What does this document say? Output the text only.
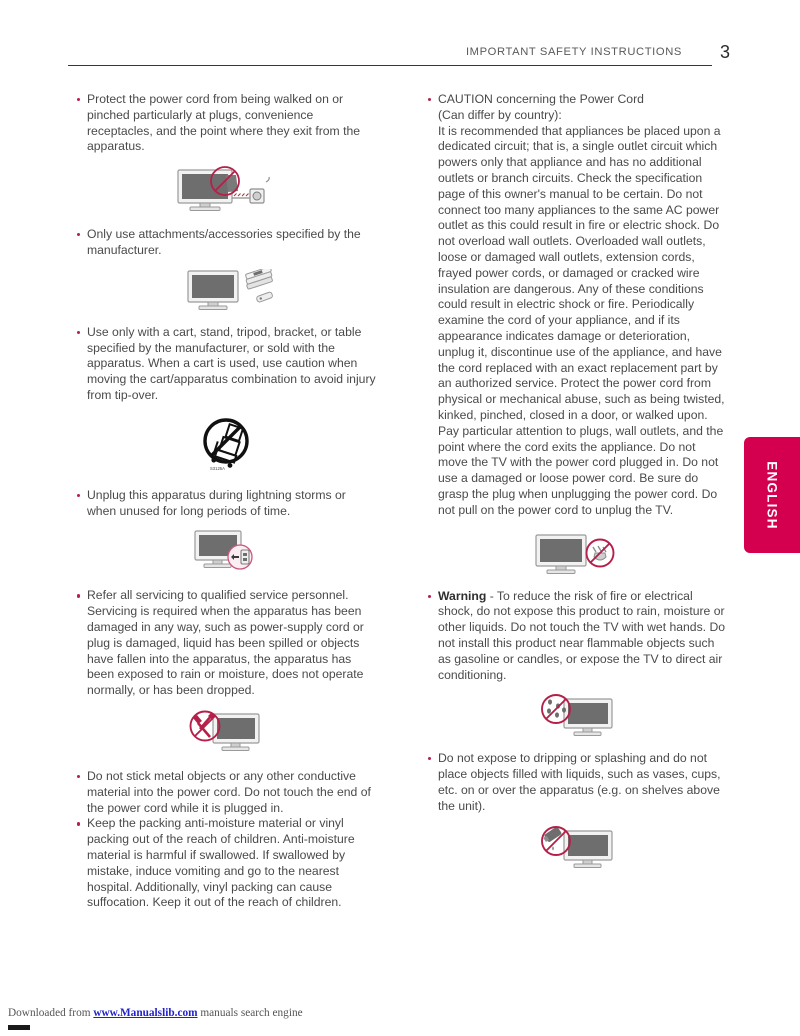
IMPORTANT SAFETY INSTRUCTIONS 3
Protect the power cord from being walked on or pinched particularly at plugs, convenience receptacles, and the point where they exit from the apparatus.
Only use attachments/accessories specified by the manufacturer.
Use only with a cart, stand, tripod, bracket, or table specified by the manufacturer, or sold with the apparatus. When a cart is used, use caution when moving the cart/apparatus combination to avoid injury from tip-over.
S3125A
Unplug this apparatus during lightning storms or when unused for long periods of time.
Refer all servicing to qualified service personnel. Servicing is required when the apparatus has been damaged in any way, such as power-supply cord or plug is damaged, liquid has been spilled or objects have fallen into the apparatus, the apparatus has been exposed to rain or moisture, does not operate normally, or has been dropped.
Do not stick metal objects or any other conductive material into the power cord. Do not touch the end of the power cord while it is plugged in.
Keep the packing anti-moisture material or vinyl packing out of the reach of children. Anti-moisture material is harmful if swallowed. If swallowed by mistake, induce vomiting and go to the nearest hospital. Additionally, vinyl packing can cause suffocation. Keep it out of the reach of children.
CAUTION concerning the Power Cord
(Can differ by country):
It is recommended that appliances be placed upon a dedicated circuit; that is, a single outlet circuit which powers only that appliance and has no additional outlets or branch circuits. Check the specification page of this owner's manual to be certain. Do not connect too many appliances to the same AC power outlet as this could result in fire or electric shock. Do not overload wall outlets. Overloaded wall outlets, loose or damaged wall outlets, extension cords, frayed power cords, or damaged or cracked wire insulation are dangerous. Any of these conditions could result in electric shock or fire. Periodically examine the cord of your appliance, and if its appearance indicates damage or deterioration, unplug it, discontinue use of the appliance, and have the cord replaced with an exact replacement part by an authorized service. Protect the power cord from physical or mechanical abuse, such as being twisted, kinked, pinched, closed in a door, or walked upon. Pay particular attention to plugs, wall outlets, and the point where the cord exits the appliance. Do not move the TV with the power cord plugged in. Do not use a damaged or loose power cord. Be sure do grasp the plug when unplugging the power cord. Do not pull on the power cord to unplug the TV.
Warning - To reduce the risk of fire or electrical shock, do not expose this product to rain, moisture or other liquids. Do not touch the TV with wet hands. Do not install this product near flammable objects such as gasoline or candles, or expose the TV to direct air conditioning.
Do not expose to dripping or splashing and do not place objects filled with liquids, such as vases, cups, etc. on or over the apparatus (e.g. on shelves above the unit).
ENGLISH
Downloaded from www.Manualslib.com manuals search engine
